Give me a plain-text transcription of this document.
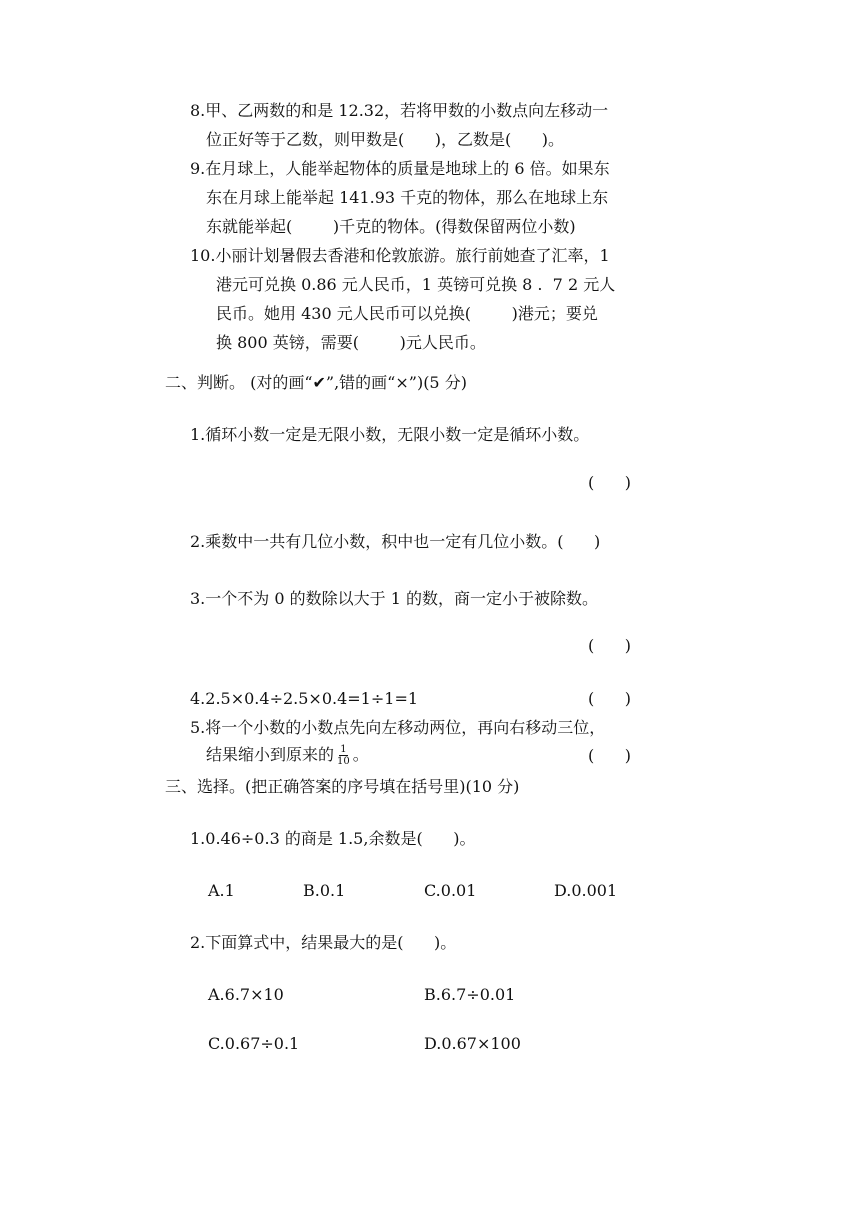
8.甲、乙两数的和是 12.32，若将甲数的小数点向左移动一
位正好等于乙数，则甲数是(      )，乙数是(      )。
9.在月球上，人能举起物体的质量是地球上的 6 倍。如果东
东在月球上能举起 141.93 千克的物体，那么在地球上东
东就能举起(        )千克的物体。(得数保留两位小数)
10.小丽计划暑假去香港和伦敦旅游。旅行前她查了汇率，1
港元可兑换 0.86 元人民币，1 英镑可兑换 8 .  7 2 元人
民币。她用 430 元人民币可以兑换(        )港元；要兑
换 800 英镑，需要(        )元人民币。
二、判断。 (对的画“✔”,错的画“×”)(5 分)
1.循环小数一定是无限小数，无限小数一定是循环小数。
(      )
2.乘数中一共有几位小数，积中也一定有几位小数。(      )
3.一个不为 0 的数除以大于 1 的数，商一定小于被除数。
(      )
4.2.5×0.4÷2.5×0.4=1÷1=1	(      )
5.将一个小数的小数点先向左移动两位，再向右移动三位，
结果缩小到原来的 $\frac{1}{10}$ 。	(      )
三、选择。(把正确答案的序号填在括号里)(10 分)
1.0.46÷0.3 的商是 1.5,余数是(      )。
A.1	B.0.1	C.0.01	D.0.001
2.下面算式中，结果最大的是(      )。
A.6.7×10	B.6.7÷0.01
C.0.67÷0.1	D.0.67×100
